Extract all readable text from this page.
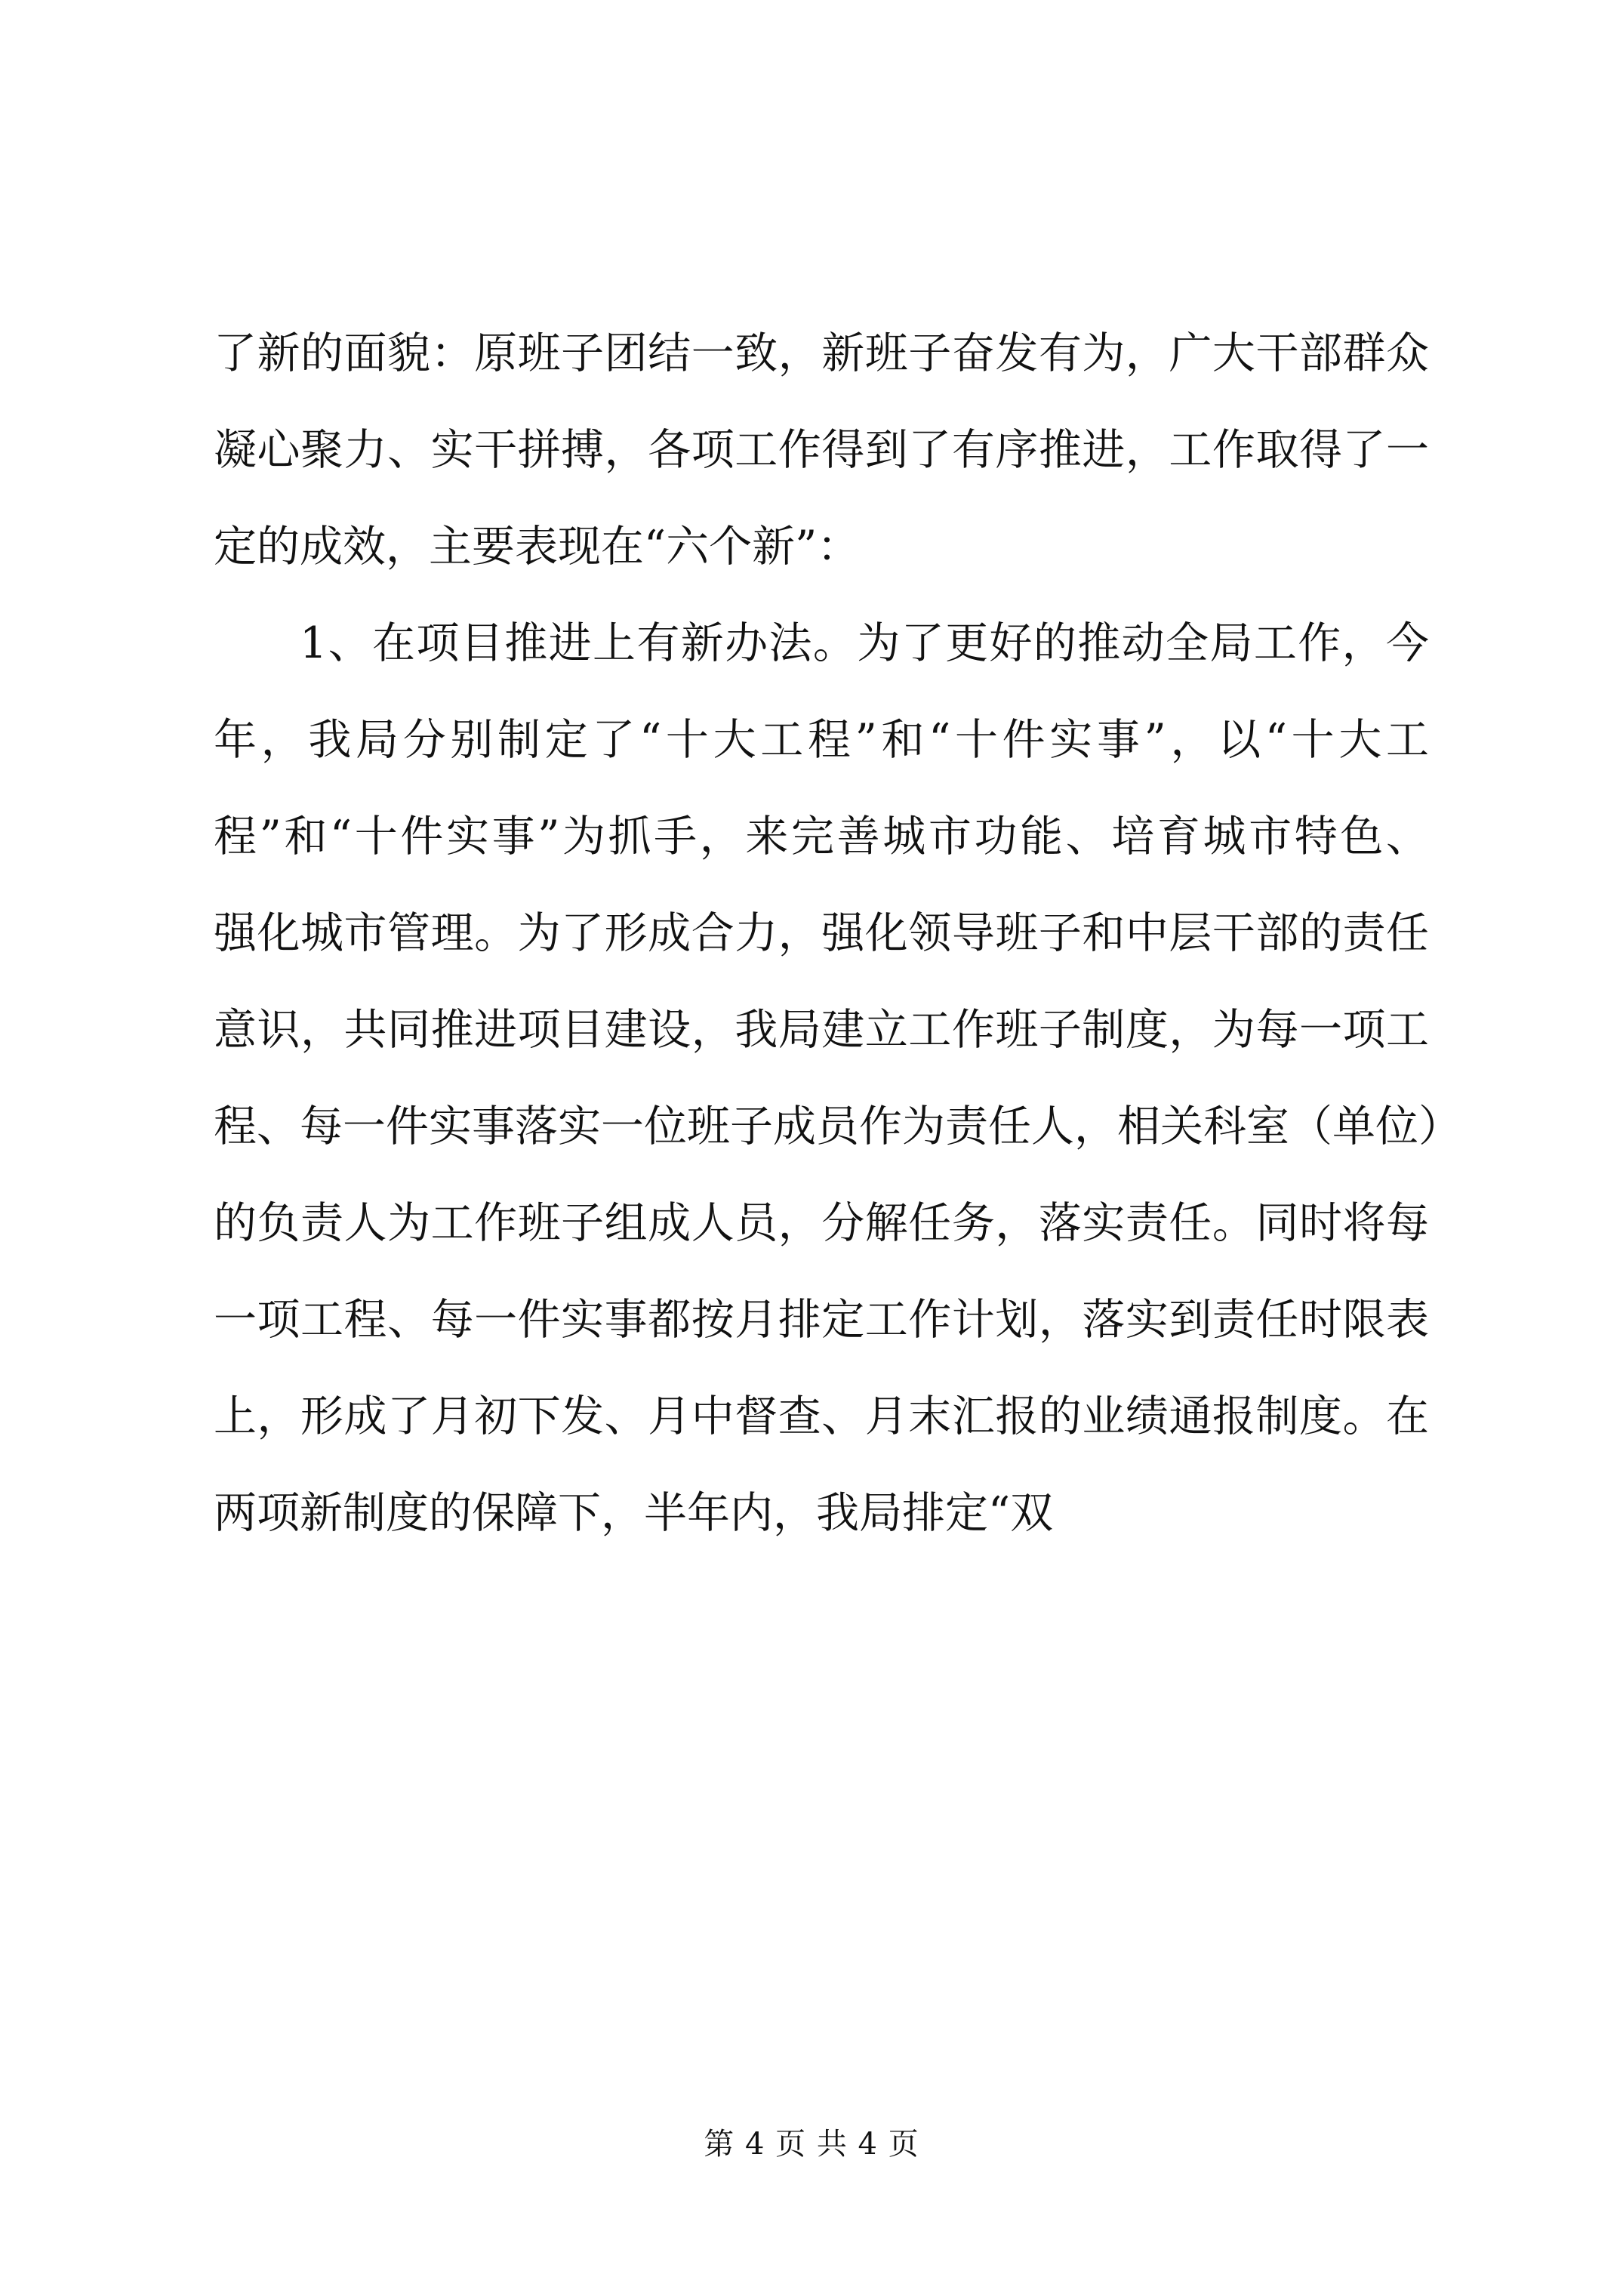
了新的面貌：原班子团结一致，新班子奋发有为，广大干部群众
凝心聚力、实干拼搏，各项工作得到了有序推进，工作取得了一
定的成效，主要表现在“六个新”：
1、在项目推进上有新办法。为了更好的推动全局工作，今
年，我局分别制定了“十大工程”和“十件实事”，以“十大工
程”和“十件实事”为抓手，来完善城市功能、培育城市特色、
强化城市管理。为了形成合力，强化领导班子和中层干部的责任
意识，共同推进项目建设，我局建立工作班子制度，为每一项工
程、每一件实事落实一位班子成员作为责任人，相关科室（单位）
的负责人为工作班子组成人员，分解任务，落实责任。同时将每
一项工程、每一件实事都按月排定工作计划，落实到责任时限表
上，形成了月初下发、月中督查、月末汇报的业绩通报制度。在
两项新制度的保障下，半年内，我局排定“双
第 4 页 共 4 页
